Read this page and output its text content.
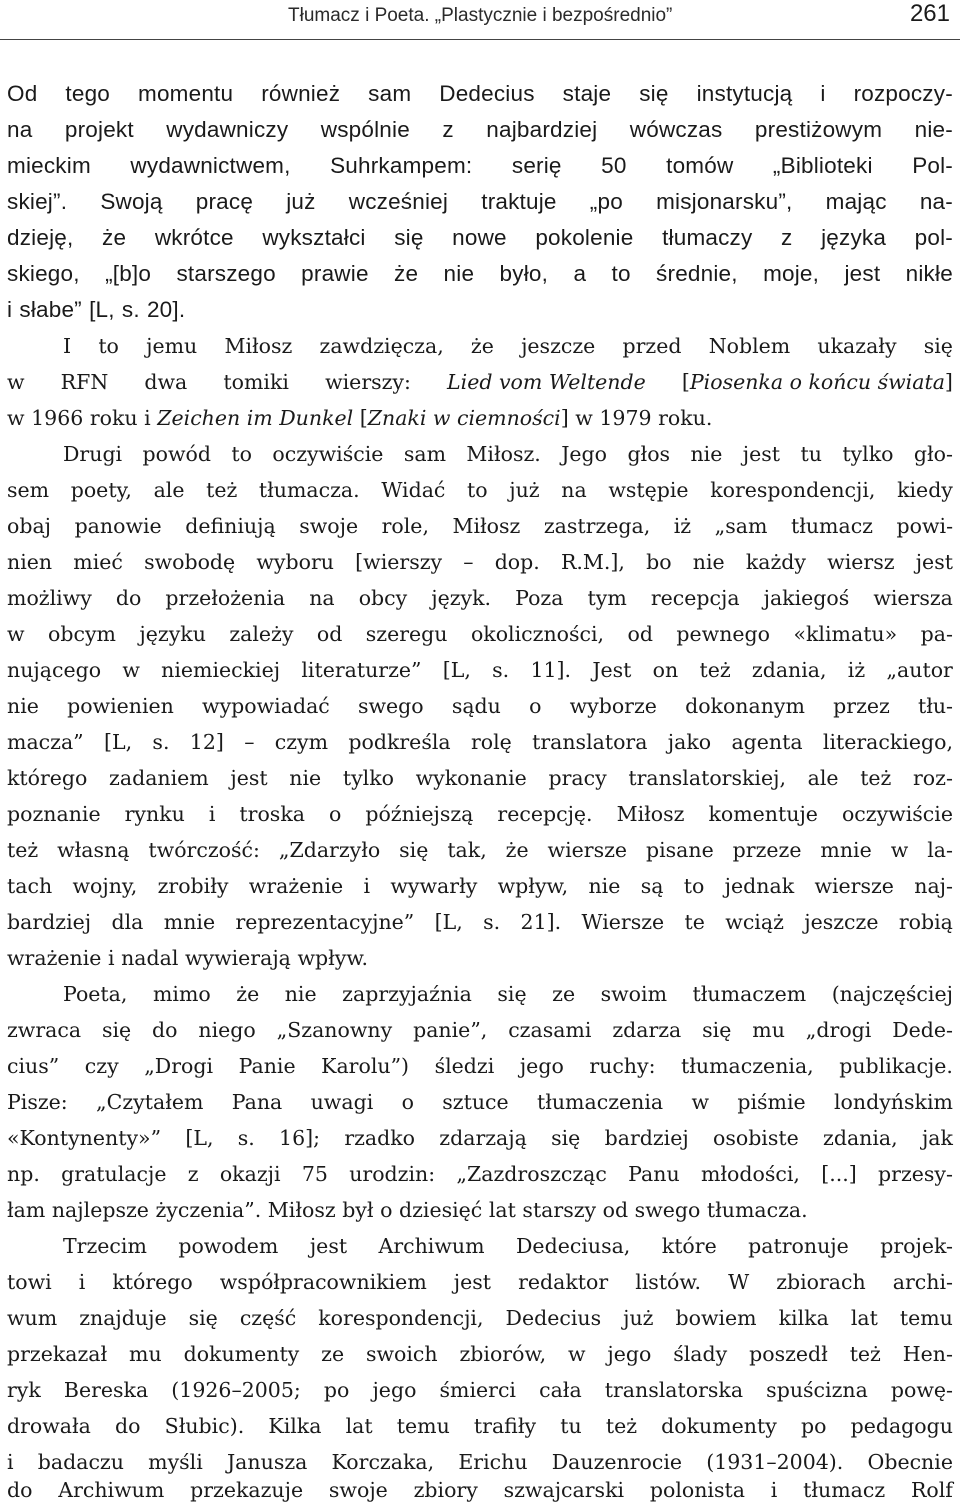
Tłumacz i Poeta. „Plastycznie i bezpośrednio”	261
Od tego momentu również sam Dedecius staje się instytucją i rozpoczy-
na projekt wydawniczy wspólnie z najbardziej wówczas prestiżowym nie-
mieckim wydawnictwem, Suhrkampem: serię 50 tomów „Biblioteki Pol-
skiej”. Swoją pracę już wcześniej traktuje „po misjonarsku”, mając na-
dzieję, że wkrótce wykształci się nowe pokolenie tłumaczy z języka pol-
skiego, „[b]o starszego prawie że nie było, a to średnie, moje, jest nikłe
i słabe” [L, s. 20].
I to jemu Miłosz zawdzięcza, że jeszcze przed Noblem ukazały się
w RFN dwa tomiki wierszy: Lied vom Weltende [Piosenka o końcu świata]
w 1966 roku i Zeichen im Dunkel [Znaki w ciemności] w 1979 roku.
Drugi powód to oczywiście sam Miłosz. Jego głos nie jest tu tylko gło-
sem poety, ale też tłumacza. Widać to już na wstępie korespondencji, kiedy
obaj panowie definiują swoje role, Miłosz zastrzega, iż „sam tłumacz powi-
nien mieć swobodę wyboru [wierszy – dop. R.M.], bo nie każdy wiersz jest
możliwy do przełożenia na obcy język. Poza tym recepcja jakiegoś wiersza
w obcym języku zależy od szeregu okoliczności, od pewnego «klimatu» pa-
nującego w niemieckiej literaturze” [L, s. 11]. Jest on też zdania, iż „autor
nie powienien wypowiadać swego sądu o wyborze dokonanym przez tłu-
macza” [L, s. 12] – czym podkreśla rolę translatora jako agenta literackiego,
którego zadaniem jest nie tylko wykonanie pracy translatorskiej, ale też roz-
poznanie rynku i troska o późniejszą recepcję. Miłosz komentuje oczywiście
też własną twórczość: „Zdarzyło się tak, że wiersze pisane przeze mnie w la-
tach wojny, zrobiły wrażenie i wywarły wpływ, nie są to jednak wiersze naj-
bardziej dla mnie reprezentacyjne” [L, s. 21]. Wiersze te wciąż jeszcze robią
wrażenie i nadal wywierają wpływ.
Poeta, mimo że nie zaprzyjaźnia się ze swoim tłumaczem (najczęściej
zwraca się do niego „Szanowny panie”, czasami zdarza się mu „drogi Dede-
cius” czy „Drogi Panie Karolu”) śledzi jego ruchy: tłumaczenia, publikacje.
Pisze: „Czytałem Pana uwagi o sztuce tłumaczenia w piśmie londyńskim
«Kontynenty»” [L, s. 16]; rzadko zdarzają się bardziej osobiste zdania, jak
np. gratulacje z okazji 75 urodzin: „Zazdroszcząc Panu młodości, [...] przesy-
łam najlepsze życzenia”. Miłosz był o dziesięć lat starszy od swego tłumacza.
Trzecim powodem jest Archiwum Dedeciusa, które patronuje projek-
towi i którego współpracownikiem jest redaktor listów. W zbiorach archi-
wum znajduje się część korespondencji, Dedecius już bowiem kilka lat temu
przekazał mu dokumenty ze swoich zbiorów, w jego ślady poszedł też Hen-
ryk Bereska (1926–2005; po jego śmierci cała translatorska spuścizna powę-
drowała do Słubic). Kilka lat temu trafiły tu też dokumenty po pedagogu
i badaczu myśli Janusza Korczaka, Erichu Dauzenrocie (1931–2004). Obecnie
do Archiwum przekazuje swoje zbiory szwajcarski polonista i tłumacz Rolf
